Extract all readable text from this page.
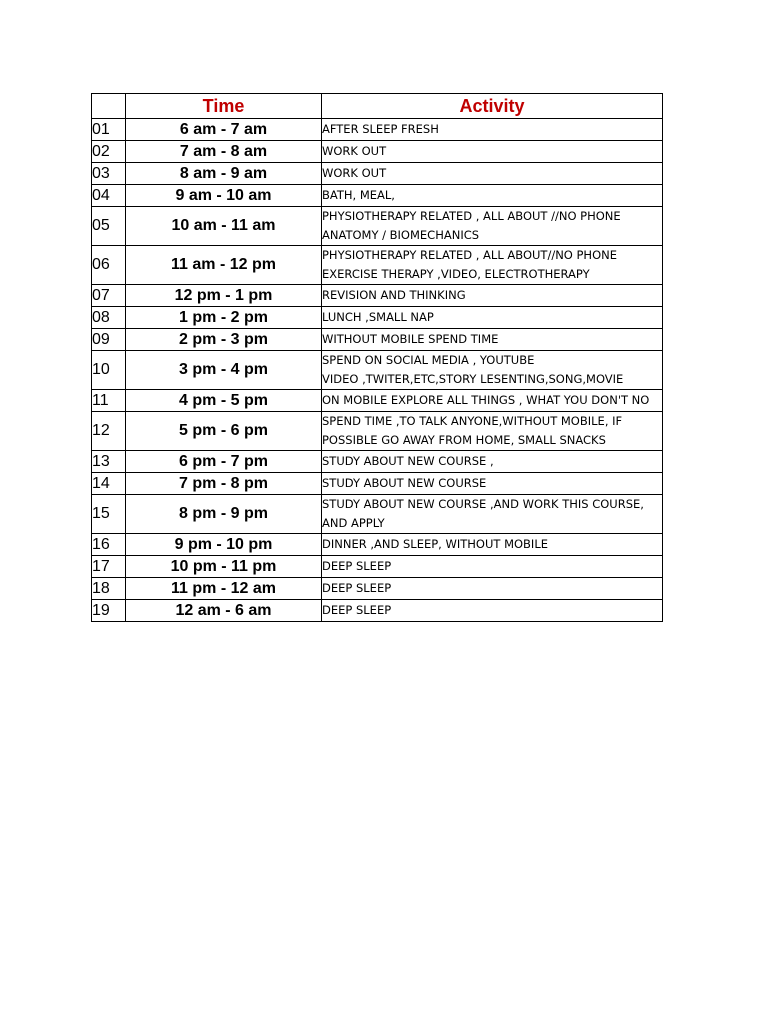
	Time	Activity
01	6 am - 7 am	AFTER SLEEP FRESH
02	7 am - 8 am	WORK OUT
03	8 am - 9 am	WORK OUT
04	9 am - 10 am	BATH, MEAL,
05	10 am - 11 am	PHYSIOTHERAPY RELATED , ALL ABOUT //NO PHONE
ANATOMY / BIOMECHANICS
06	11 am - 12 pm	PHYSIOTHERAPY RELATED , ALL ABOUT//NO PHONE
EXERCISE THERAPY ,VIDEO, ELECTROTHERAPY
07	12 pm - 1 pm	REVISION AND THINKING
08	1 pm - 2 pm	LUNCH ,SMALL NAP
09	2 pm - 3 pm	WITHOUT MOBILE SPEND TIME
10	3 pm - 4 pm	SPEND ON SOCIAL MEDIA , YOUTUBE
VIDEO ,TWITER,ETC,STORY LESENTING,SONG,MOVIE
11	4 pm - 5 pm	ON MOBILE EXPLORE ALL THINGS , WHAT YOU DON'T NO
12	5 pm - 6 pm	SPEND TIME ,TO TALK ANYONE,WITHOUT MOBILE, IF
POSSIBLE GO AWAY FROM HOME, SMALL SNACKS
13	6 pm - 7 pm	STUDY ABOUT NEW COURSE ,
14	7 pm - 8 pm	STUDY ABOUT NEW COURSE
15	8 pm - 9 pm	STUDY ABOUT NEW COURSE ,AND WORK THIS COURSE,
AND APPLY
16	9 pm - 10 pm	DINNER ,AND SLEEP, WITHOUT MOBILE
17	10 pm - 11 pm	DEEP SLEEP
18	11 pm - 12 am	DEEP SLEEP
19	12 am - 6 am	DEEP SLEEP
